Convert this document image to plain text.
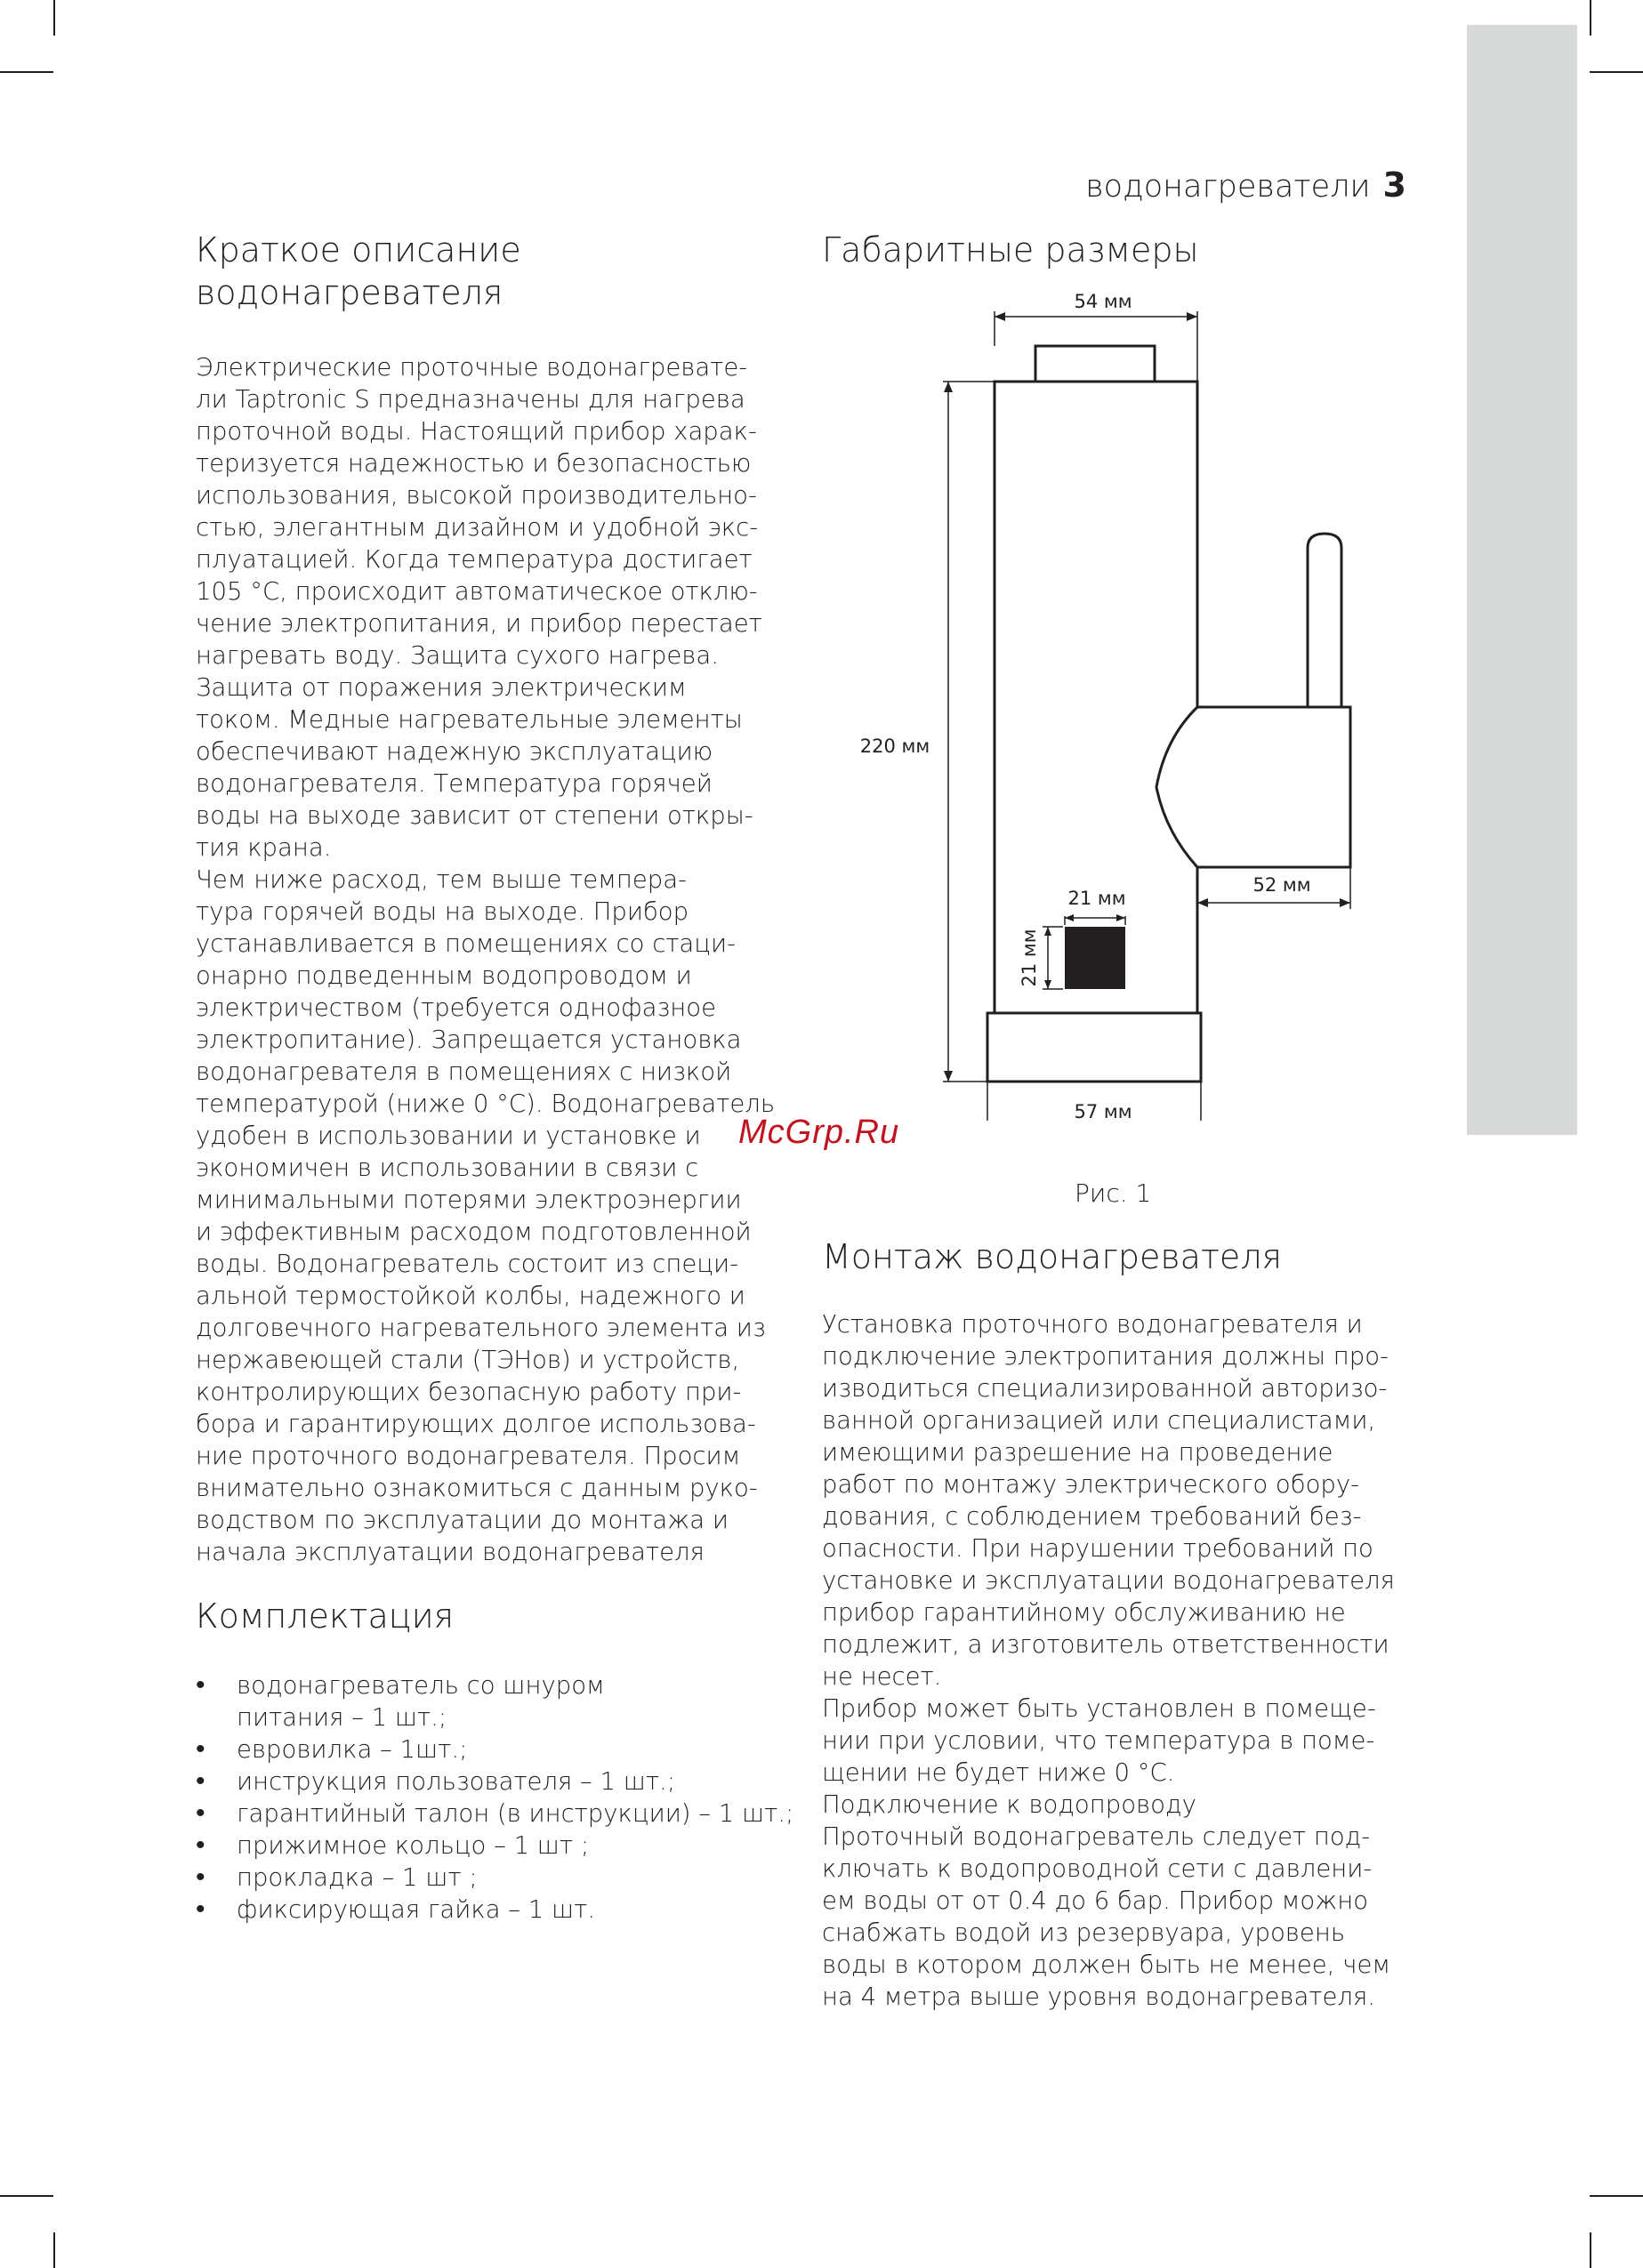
водонагреватели 3
Краткое описание
водонагревателя

Электрические проточные водонагревате-

ли Taptronic S предназначены для нагрева

проточной воды. Настоящий прибор харак-

теризуется надежностью и безопасностью

использования, высокой производительно-

стью, элегантным дизайном и удобной экс-

плуатацией. Когда температура достигает

105 °С, происходит автоматическое отклю-

чение электропитания, и прибор перестает

нагревать воду. Защита сухого нагрева.

Защита от поражения электрическим

током. Медные нагревательные элементы

обеспечивают надежную эксплуатацию

водонагревателя. Температура горячей

воды на выходе зависит от степени откры-

тия крана.

Чем ниже расход, тем выше темпера-

тура горячей воды на выходе. Прибор

устанавливается в помещениях со стаци-

онарно подведенным водопроводом и

электричеством (требуется однофазное

электропитание). Запрещается установка

водонагревателя в помещениях с низкой

температурой (ниже 0 °С). Водонагреватель

удобен в использовании и установке и

экономичен в использовании в связи с

минимальными потерями электроэнергии

и эффективным расходом подготовленной

воды. Водонагреватель состоит из специ-

альной термостойкой колбы, надежного и

долговечного нагревательного элемента из

нержавеющей стали (ТЭНов) и устройств,

контролирующих безопасную работу при-

бора и гарантирующих долгое использова-

ние проточного водонагревателя. Просим

внимательно ознакомиться с данным руко-

водством по эксплуатации до монтажа и

начала эксплуатации водонагревателя

Комплектация
• водонагреватель со шнуром
питания – 1 шт.;
• евровилка – 1шт.;
• инструкция пользователя – 1 шт.;
• гарантийный талон (в инструкции) – 1 шт.;
• прижимное кольцо – 1 шт ;
• прокладка – 1 шт ;
• фиксирующая гайка – 1 шт.
McGrp.Ru
Габаритные размеры
54 мм
220 мм
52 мм
21 мм
21 мм
57 мм
Рис. 1
Монтаж водонагревателя

Установка проточного водонагревателя и

подключение электропитания должны про-

изводиться специализированной авторизо-

ванной организацией или специалистами,

имеющими разрешение на проведение

работ по монтажу электрического обору-

дования, с соблюдением требований без-

опасности. При нарушении требований по

установке и эксплуатации водонагревателя

прибор гарантийному обслуживанию не

подлежит, а изготовитель ответственности

не несет.

Прибор может быть установлен в помеще-

нии при условии, что температура в поме-

щении не будет ниже 0 °С.

Подключение к водопроводу

Проточный водонагреватель следует под-

ключать к водопроводной сети с давлени-

ем воды от от 0.4 до 6 бар. Прибор можно

снабжать водой из резервуара, уровень

воды в котором должен быть не менее, чем

на 4 метра выше уровня водонагревателя.
